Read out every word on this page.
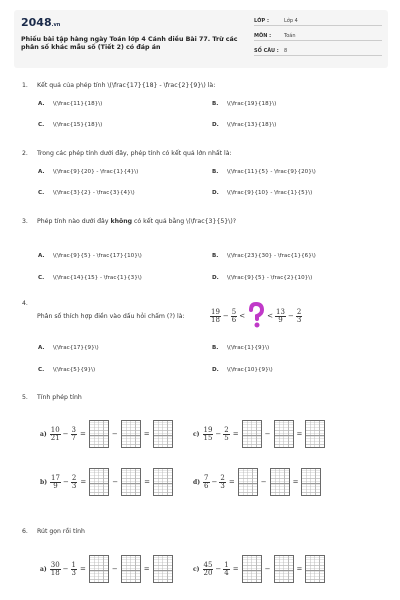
2048.vn
Phiếu bài tập hàng ngày Toán lớp 4 Cánh diều Bài 77. Trừ các phân số khác mẫu số (Tiết 2) có đáp án
LỚP :	Lớp 4
MÔN :	Toán
SỐ CÂU : 8
1. Kết quả của phép tính \(\frac{17}{18} - \frac{2}{9}\) là:
A. \(\frac{11}{18}\)	B. \(\frac{19}{18}\)
C. \(\frac{15}{18}\)	D. \(\frac{13}{18}\)
2. Trong các phép tính dưới đây, phép tính có kết quả lớn nhất là:
A. \(\frac{9}{20} - \frac{1}{4}\)	B. \(\frac{11}{5} - \frac{9}{20}\)
C. \(\frac{3}{2} - \frac{3}{4}\)	D. \(\frac{9}{10} - \frac{1}{5}\)
3. Phép tính nào dưới đây không có kết quả bằng \(\frac{3}{5}\)?
A. \(\frac{9}{5} - \frac{17}{10}\)	B. \(\frac{23}{30} - \frac{1}{6}\)
C. \(\frac{14}{15} - \frac{1}{3}\)	D. \(\frac{9}{5} - \frac{2}{10}\)
4.
Phân số thích hợp điền vào dấu hỏi chấm (?) là:	$\frac{19}{18} - \frac{5}{6}$ <	< $\frac{13}{9} - \frac{2}{3}$
A. \(\frac{17}{9}\)	B. \(\frac{1}{9}\)
C. \(\frac{5}{9}\)	D. \(\frac{10}{9}\)
5. Tính phép tính
$a) \frac{10}{21} - \frac{3}{7}$ =	−	=	$c) \frac{19}{15} - \frac{2}{5}$ =	−	=
$b) \frac{17}{9} - \frac{2}{3}$ =	−	=	$d) \frac{7}{6} - \frac{2}{3}$ =	−	=
6. Rút gọn rồi tính
$a) \frac{30}{18} - \frac{1}{3}$ =	−	=	$c) \frac{45}{20} - \frac{1}{4}$ =	−	=
